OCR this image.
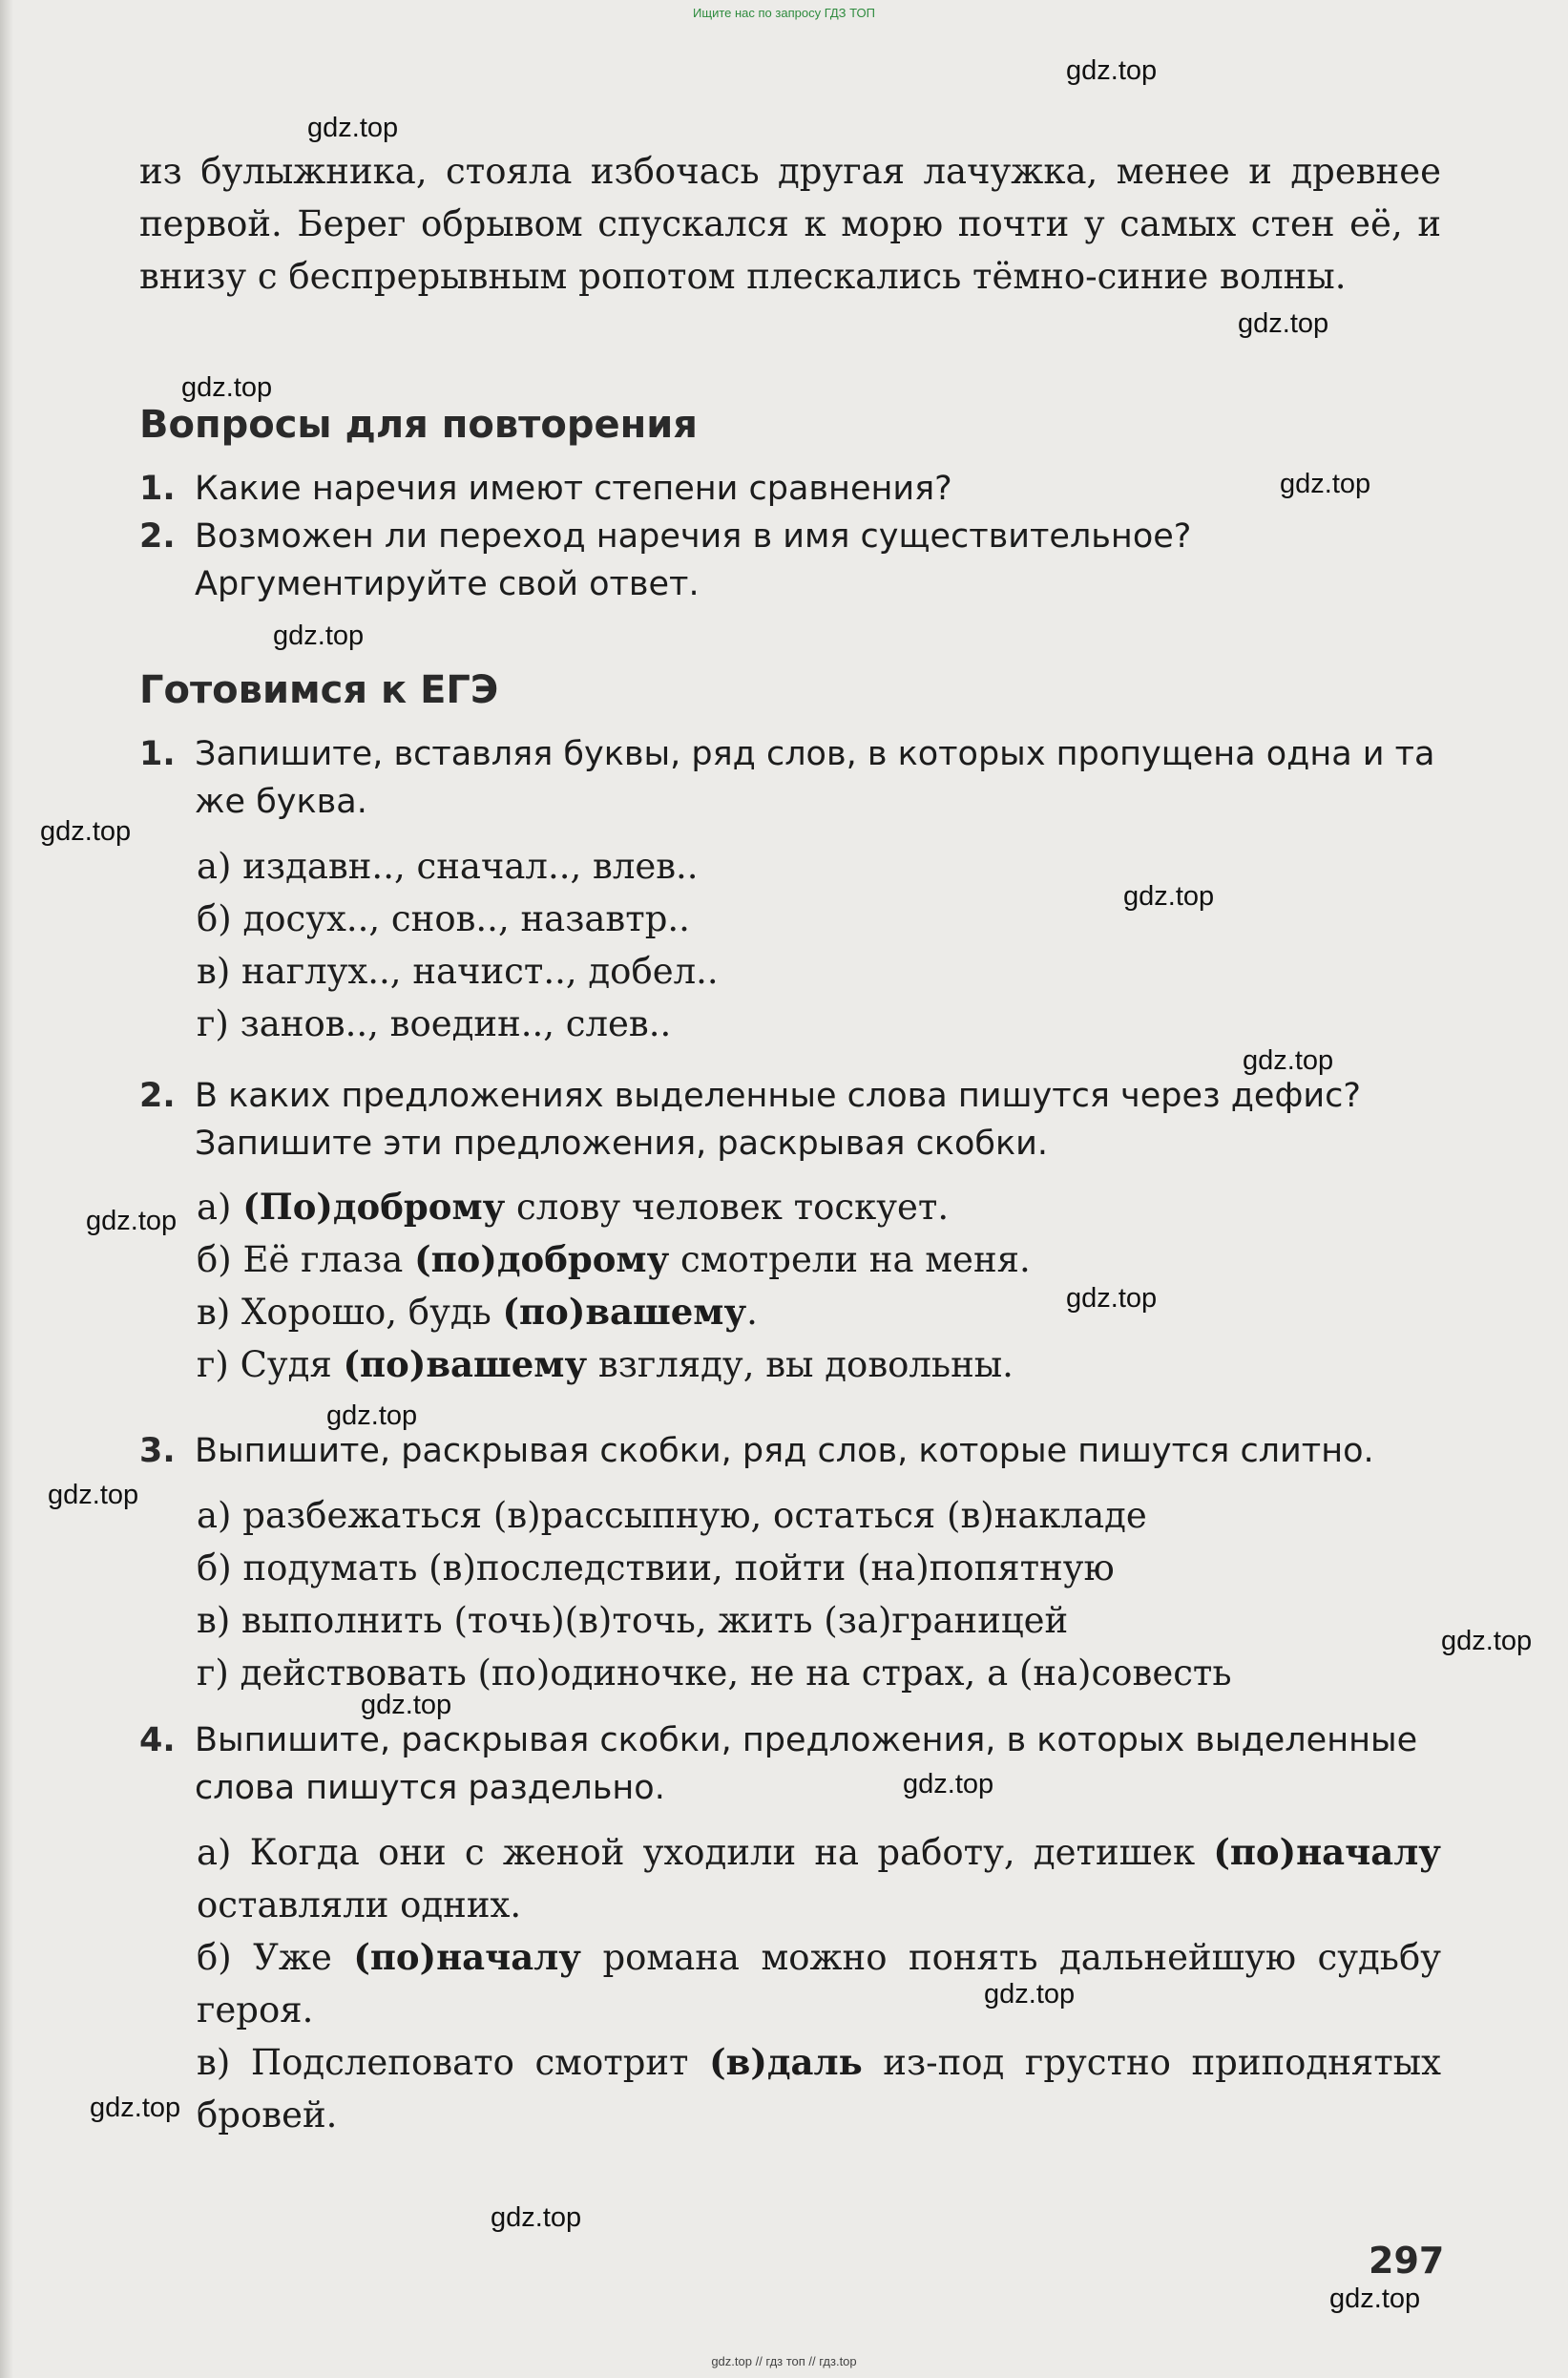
Ищите нас по запросу ГДЗ ТОП
gdz.top
gdz.top
gdz.top
gdz.top
gdz.top
gdz.top
gdz.top
gdz.top
gdz.top
gdz.top
gdz.top
gdz.top
gdz.top
gdz.top
gdz.top
gdz.top
gdz.top
gdz.top
gdz.top
gdz.top
из булыжника, стояла избочась другая лачужка, менее и древнее первой. Берег обрывом спускался к морю почти у самых стен её, и внизу с беспрерывным ропотом плескались тёмно-синие волны.
Вопросы для повторения
1. Какие наречия имеют степени сравнения?
2. Возможен ли переход наречия в имя существительное? Аргументируйте свой ответ.
Готовимся к ЕГЭ
1. Запишите, вставляя буквы, ряд слов, в которых пропущена одна и та же буква.
а) издавн.., сначал.., влев..
б) досух.., снов.., назавтр..
в) наглух.., начист.., добел..
г) занов.., воедин.., слев..
2. В каких предложениях выделенные слова пишутся через дефис? Запишите эти предложения, раскрывая скобки.
а) (По)доброму слову человек тоскует.
б) Её глаза (по)доброму смотрели на меня.
в) Хорошо, будь (по)вашему.
г) Судя (по)вашему взгляду, вы довольны.
3. Выпишите, раскрывая скобки, ряд слов, которые пишутся слитно.
а) разбежаться (в)рассыпную, остаться (в)накладе
б) подумать (в)последствии, пойти (на)попятную
в) выполнить (точь)(в)точь, жить (за)границей
г) действовать (по)одиночке, не на страх, а (на)совесть
4. Выпишите, раскрывая скобки, предложения, в которых выделенные слова пишутся раздельно.
а) Когда они с женой уходили на работу, детишек (по)началу оставляли одних.
б) Уже (по)началу романа можно понять дальнейшую судьбу героя.
в) Подслеповато смотрит (в)даль из-под грустно приподнятых бровей.
297
gdz.top // гдз топ // гдз.top
